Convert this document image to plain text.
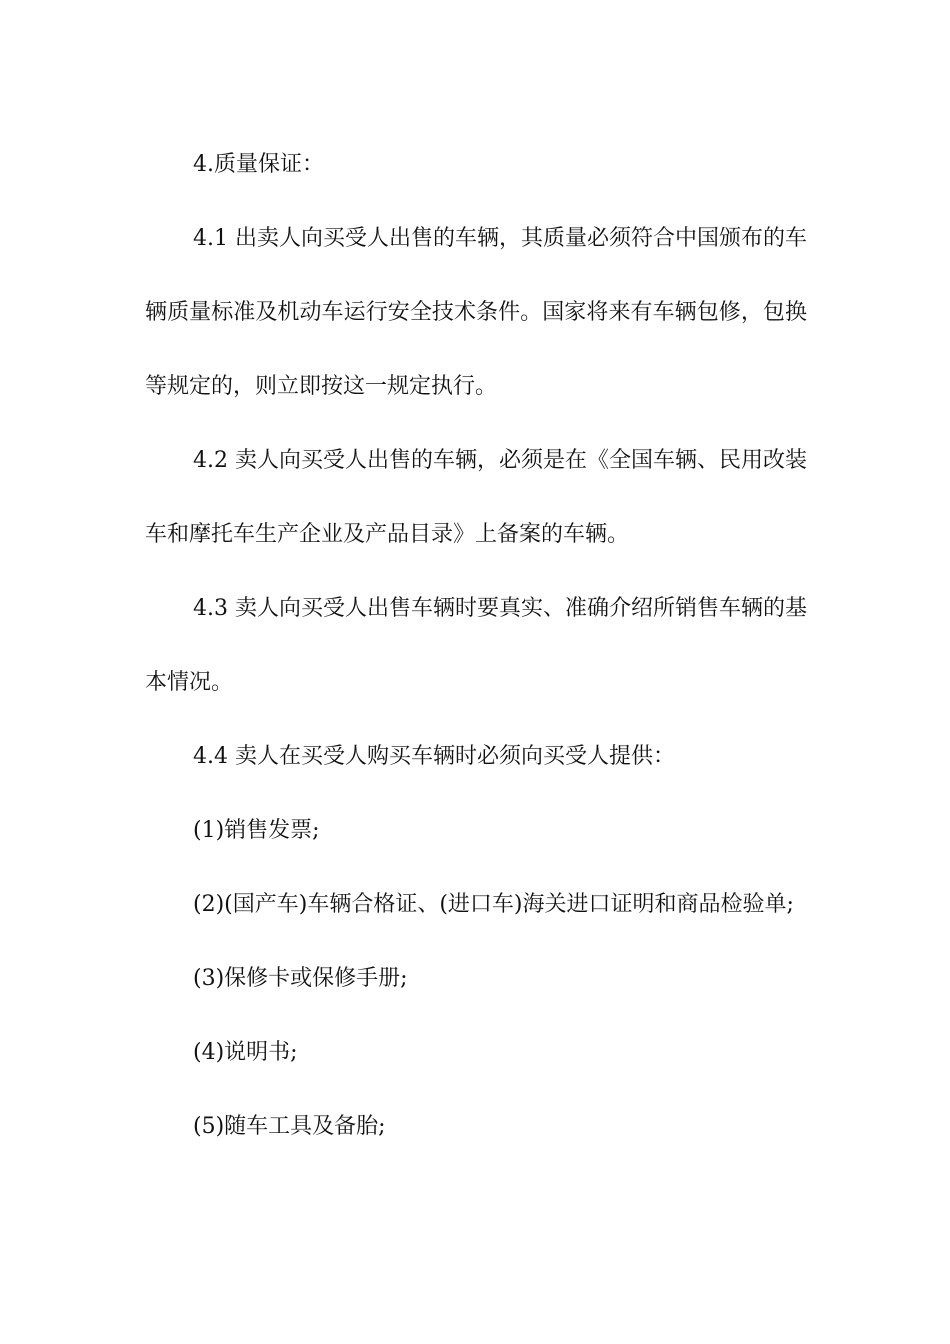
4.质量保证：

4.1 出卖人向买受人出售的车辆，其质量必须符合中国颁布的车辆质量标准及机动车运行安全技术条件。国家将来有车辆包修，包换等规定的，则立即按这一规定执行。

4.2 卖人向买受人出售的车辆，必须是在《全国车辆、民用改装车和摩托车生产企业及产品目录》上备案的车辆。

4.3 卖人向买受人出售车辆时要真实、准确介绍所销售车辆的基本情况。

4.4 卖人在买受人购买车辆时必须向买受人提供：

(1)销售发票;

(2)(国产车)车辆合格证、(进口车)海关进口证明和商品检验单;

(3)保修卡或保修手册;

(4)说明书;

(5)随车工具及备胎;
